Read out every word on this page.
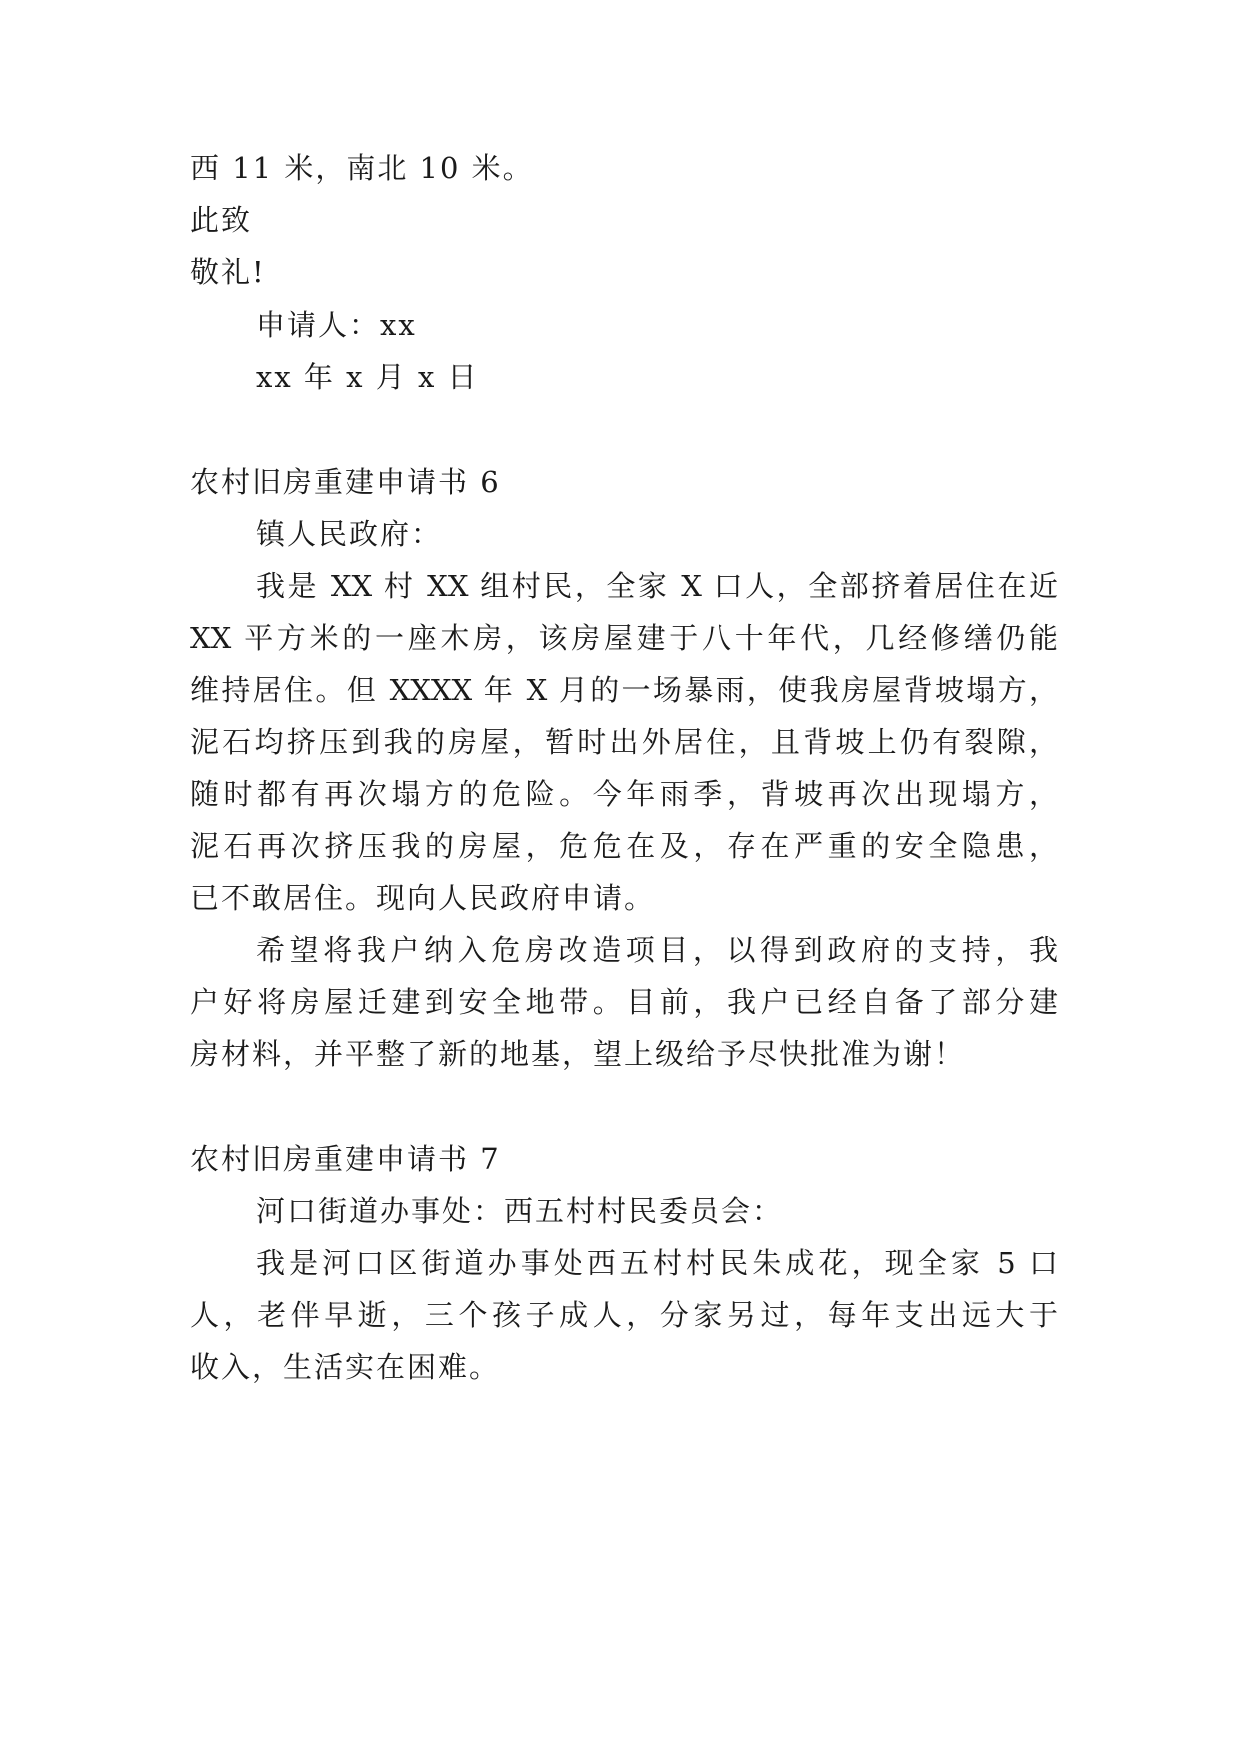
西 11 米，南北 10 米。
此致
敬礼!
申请人：xx
xx 年 x 月 x 日
农村旧房重建申请书 6
镇人民政府：
我是 XX 村 XX 组村民，全家 X 口人，全部挤着居住在近
XX 平方米的一座木房，该房屋建于八十年代，几经修缮仍能
维持居住。但 XXXX 年 X 月的一场暴雨，使我房屋背坡塌方，
泥石均挤压到我的房屋，暂时出外居住，且背坡上仍有裂隙，
随时都有再次塌方的危险。今年雨季，背坡再次出现塌方，
泥石再次挤压我的房屋，危危在及，存在严重的安全隐患，
已不敢居住。现向人民政府申请。
希望将我户纳入危房改造项目，以得到政府的支持，我
户好将房屋迁建到安全地带。目前，我户已经自备了部分建
房材料，并平整了新的地基，望上级给予尽快批准为谢！
农村旧房重建申请书 7
河口街道办事处：西五村村民委员会：
我是河口区街道办事处西五村村民朱成花，现全家 5 口
人，老伴早逝，三个孩子成人，分家另过，每年支出远大于
收入，生活实在困难。
